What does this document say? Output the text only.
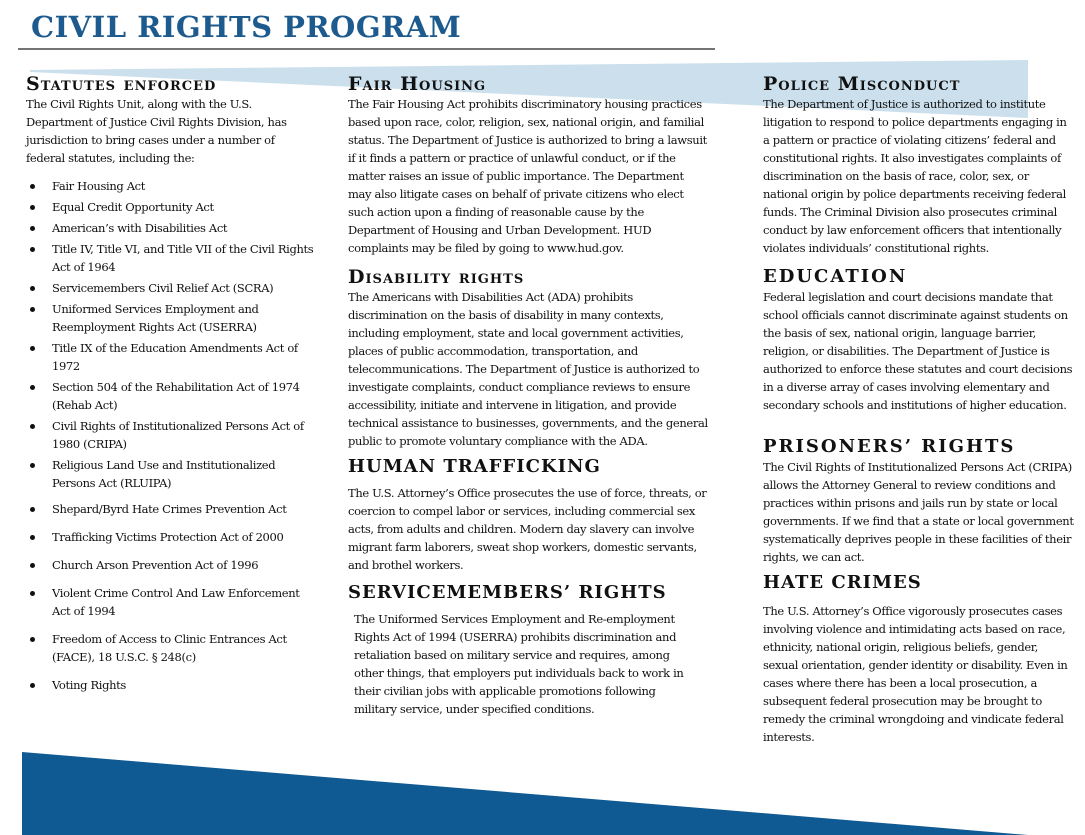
CIVIL RIGHTS PROGRAM
Statutes enforced

The Civil Rights Unit, along with the U.S. Department of Justice Civil Rights Division, has jurisdiction to bring cases under a number of federal statutes, including the:

Fair Housing Act
Equal Credit Opportunity Act
American’s with Disabilities Act
Title IV, Title VI, and Title VII of the Civil Rights Act of 1964
Servicemembers Civil Relief Act (SCRA)
Uniformed Services Employment and Reemployment Rights Act (USERRA)
Title IX of the Education Amendments Act of 1972
Section 504 of the Rehabilitation Act of 1974 (Rehab Act)
Civil Rights of Institutionalized Persons Act of 1980 (CRIPA)
Religious Land Use and Institutionalized Persons Act (RLUIPA)
Shepard/Byrd Hate Crimes Prevention Act
Trafficking Victims Protection Act of 2000
Church Arson Prevention Act of 1996
Violent Crime Control And Law Enforcement Act of 1994
Freedom of Access to Clinic Entrances Act (FACE), 18 U.S.C. § 248(c)
Voting Rights
Fair Housing

The Fair Housing Act prohibits discriminatory housing practices based upon race, color, religion, sex, national origin, and familial status. The Department of Justice is authorized to bring a lawsuit if it finds a pattern or practice of unlawful conduct, or if the matter raises an issue of public importance. The Department may also litigate cases on behalf of private citizens who elect such action upon a finding of reasonable cause by the Department of Housing and Urban Development. HUD complaints may be filed by going to www.hud.gov.

Disability rights

The Americans with Disabilities Act (ADA) prohibits discrimination on the basis of disability in many contexts, including employment, state and local government activities, places of public accommodation, transportation, and telecommunications. The Department of Justice is authorized to investigate complaints, conduct compliance reviews to ensure accessibility, initiate and intervene in litigation, and provide technical assistance to businesses, governments, and the general public to promote voluntary compliance with the ADA.

HUMAN TRAFFICKING

The U.S. Attorney’s Office prosecutes the use of force, threats, or coercion to compel labor or services, including commercial sex acts, from adults and children. Modern day slavery can involve migrant farm laborers, sweat shop workers, domestic servants, and brothel workers.

SERVICEMEMBERS’ RIGHTS

The Uniformed Services Employment and Re-employment Rights Act of 1994 (USERRA) prohibits discrimination and retaliation based on military service and requires, among other things, that employers put individuals back to work in their civilian jobs with applicable promotions following military service, under specified conditions.

Police Misconduct

The Department of Justice is authorized to institute litigation to respond to police departments engaging in a pattern or practice of violating citizens’ federal and constitutional rights. It also investigates complaints of discrimination on the basis of race, color, sex, or national origin by police departments receiving federal funds. The Criminal Division also prosecutes criminal conduct by law enforcement officers that intentionally violates individuals’ constitutional rights.

EDUCATION

Federal legislation and court decisions mandate that school officials cannot discriminate against students on the basis of sex, national origin, language barrier, religion, or disabilities. The Department of Justice is authorized to enforce these statutes and court decisions in a diverse array of cases involving elementary and secondary schools and institutions of higher education.

PRISONERS’ RIGHTS

The Civil Rights of Institutionalized Persons Act (CRIPA) allows the Attorney General to review conditions and practices within prisons and jails run by state or local governments. If we find that a state or local government systematically deprives people in these facilities of their rights, we can act.

HATE CRIMES

The U.S. Attorney’s Office vigorously prosecutes cases involving violence and intimidating acts based on race, ethnicity, national origin, religious beliefs, gender, sexual orientation, gender identity or disability. Even in cases where there has been a local prosecution, a subsequent federal prosecution may be brought to remedy the criminal wrongdoing and vindicate federal interests.
